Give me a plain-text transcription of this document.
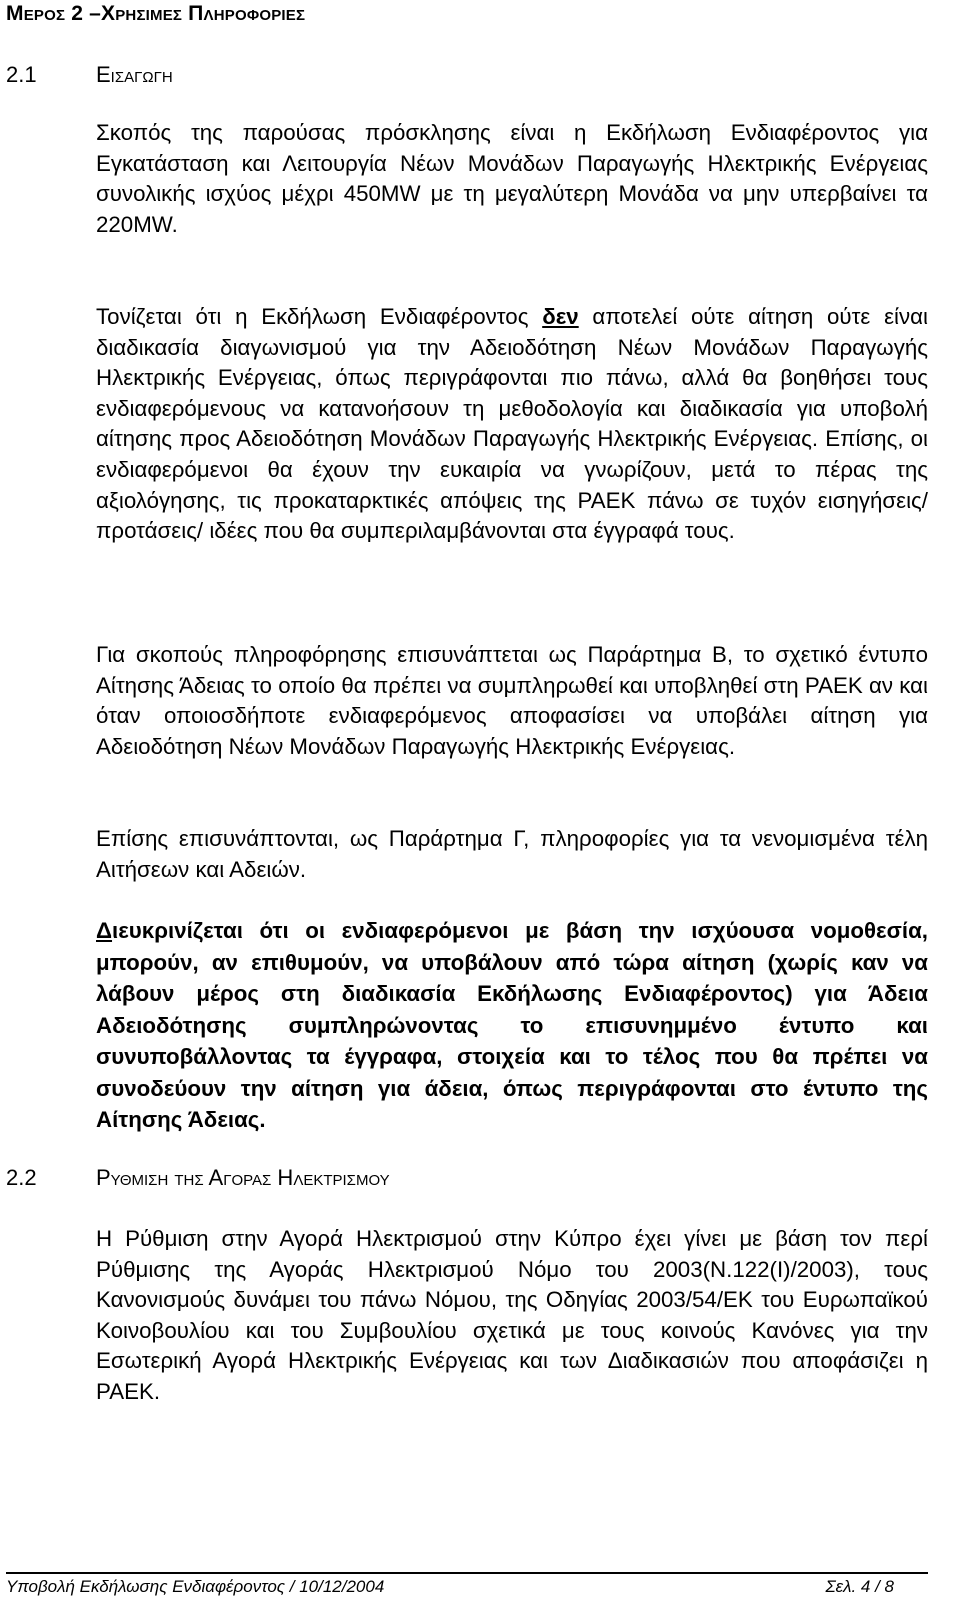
Μερος 2 –Χρησιμεσ Πληροφοριεσ
2.1	Εισαγωγη

Σκοπός της παρούσας πρόσκλησης είναι η Εκδήλωση Ενδιαφέροντος για Εγκατάσταση και Λειτουργία Νέων Μονάδων Παραγωγής Ηλεκτρικής Ενέργειας συνολικής ισχύος μέχρι 450MW με τη μεγαλύτερη Μονάδα να μην υπερβαίνει τα 220MW.

Τονίζεται ότι η Εκδήλωση Ενδιαφέροντος δεν αποτελεί ούτε αίτηση ούτε είναι διαδικασία διαγωνισμού για την Αδειοδότηση Νέων Μονάδων Παραγωγής Ηλεκτρικής Ενέργειας, όπως περιγράφονται πιο πάνω, αλλά θα βοηθήσει τους ενδιαφερόμενους να κατανοήσουν τη μεθοδολογία και διαδικασία για υποβολή αίτησης προς Αδειοδότηση Μονάδων Παραγωγής Ηλεκτρικής Ενέργειας. Επίσης, οι ενδιαφερόμενοι θα έχουν την ευκαιρία να γνωρίζουν, μετά το πέρας της αξιολόγησης, τις προκαταρκτικές απόψεις της ΡΑΕΚ πάνω σε τυχόν εισηγήσεις/ προτάσεις/ ιδέες που θα συμπεριλαμβάνονται στα έγγραφά τους.

Για σκοπούς πληροφόρησης επισυνάπτεται ως Παράρτημα Β, το σχετικό έντυπο Αίτησης Άδειας το οποίο θα πρέπει να συμπληρωθεί και υποβληθεί στη ΡΑΕΚ αν και όταν οποιοσδήποτε ενδιαφερόμενος αποφασίσει να υποβάλει αίτηση για Αδειοδότηση Νέων Μονάδων Παραγωγής Ηλεκτρικής Ενέργειας.

Επίσης επισυνάπτονται, ως Παράρτημα Γ, πληροφορίες για τα νενομισμένα τέλη Αιτήσεων και Αδειών.

Διευκρινίζεται ότι οι ενδιαφερόμενοι με βάση την ισχύουσα νομοθεσία, μπορούν, αν επιθυμούν, να υποβάλουν από τώρα αίτηση (χωρίς καν να λάβουν μέρος στη διαδικασία Εκδήλωσης Ενδιαφέροντος) για Άδεια Αδειοδότησης συμπληρώνοντας το επισυνημμένο έντυπο και συνυποβάλλοντας τα έγγραφα, στοιχεία και το τέλος που θα πρέπει να συνοδεύουν την αίτηση για άδεια, όπως περιγράφονται στο έντυπο της Αίτησης Άδειας.

2.2	Ρυθμιση της Αγορας Ηλεκτρισμου

Η Ρύθμιση στην Αγορά Ηλεκτρισμού στην Κύπρο έχει γίνει με βάση τον περί Ρύθμισης της Αγοράς Ηλεκτρισμού Νόμο του 2003(Ν.122(Ι)/2003), τους Κανονισμούς δυνάμει του πάνω Νόμου, της Οδηγίας 2003/54/ΕΚ του Ευρωπαϊκού Κοινοβουλίου και του Συμβουλίου σχετικά με τους κοινούς Κανόνες για την Εσωτερική Αγορά Ηλεκτρικής Ενέργειας και των Διαδικασιών που αποφάσιζει η ΡΑΕΚ.

Υποβολή Εκδήλωσης Ενδιαφέροντος / 10/12/2004	Σελ. 4 / 8
